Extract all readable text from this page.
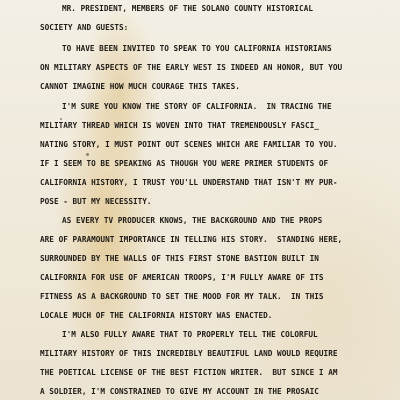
MR. PRESIDENT, MEMBERS OF THE SOLANO COUNTY HISTORICAL
SOCIETY AND GUESTS:
TO HAVE BEEN INVITED TO SPEAK TO YOU CALIFORNIA HISTORIANS
ON MILITARY ASPECTS OF THE EARLY WEST IS INDEED AN HONOR, BUT YOU
CANNOT IMAGINE HOW MUCH COURAGE THIS TAKES.
I'M SURE YOU KNOW THE STORY OF CALIFORNIA.  IN TRACING THE
MILITARY THREAD WHICH IS WOVEN INTO THAT TREMENDOUSLY FASCI_
NATING STORY, I MUST POINT OUT SCENES WHICH ARE FAMILIAR TO YOU.
IF I SEEM TO BE SPEAKING AS THOUGH YOU WERE PRIMER STUDENTS OF
CALIFORNIA HISTORY, I TRUST YOU'LL UNDERSTAND THAT ISN'T MY PUR-
POSE - BUT MY NECESSITY.
AS EVERY TV PRODUCER KNOWS, THE BACKGROUND AND THE PROPS
ARE OF PARAMOUNT IMPORTANCE IN TELLING HIS STORY.  STANDING HERE,
SURROUNDED BY THE WALLS OF THIS FIRST STONE BASTION BUILT IN
CALIFORNIA FOR USE OF AMERICAN TROOPS, I'M FULLY AWARE OF ITS
FITNESS AS A BACKGROUND TO SET THE MOOD FOR MY TALK.  IN THIS
LOCALE MUCH OF THE CALIFORNIA HISTORY WAS ENACTED.
I'M ALSO FULLY AWARE THAT TO PROPERLY TELL THE COLORFUL
MILITARY HISTORY OF THIS INCREDIBLY BEAUTIFUL LAND WOULD REQUIRE
THE POETICAL LICENSE OF THE BEST FICTION WRITER.  BUT SINCE I AM
A SOLDIER, I'M CONSTRAINED TO GIVE MY ACCOUNT IN THE PROSAIC
